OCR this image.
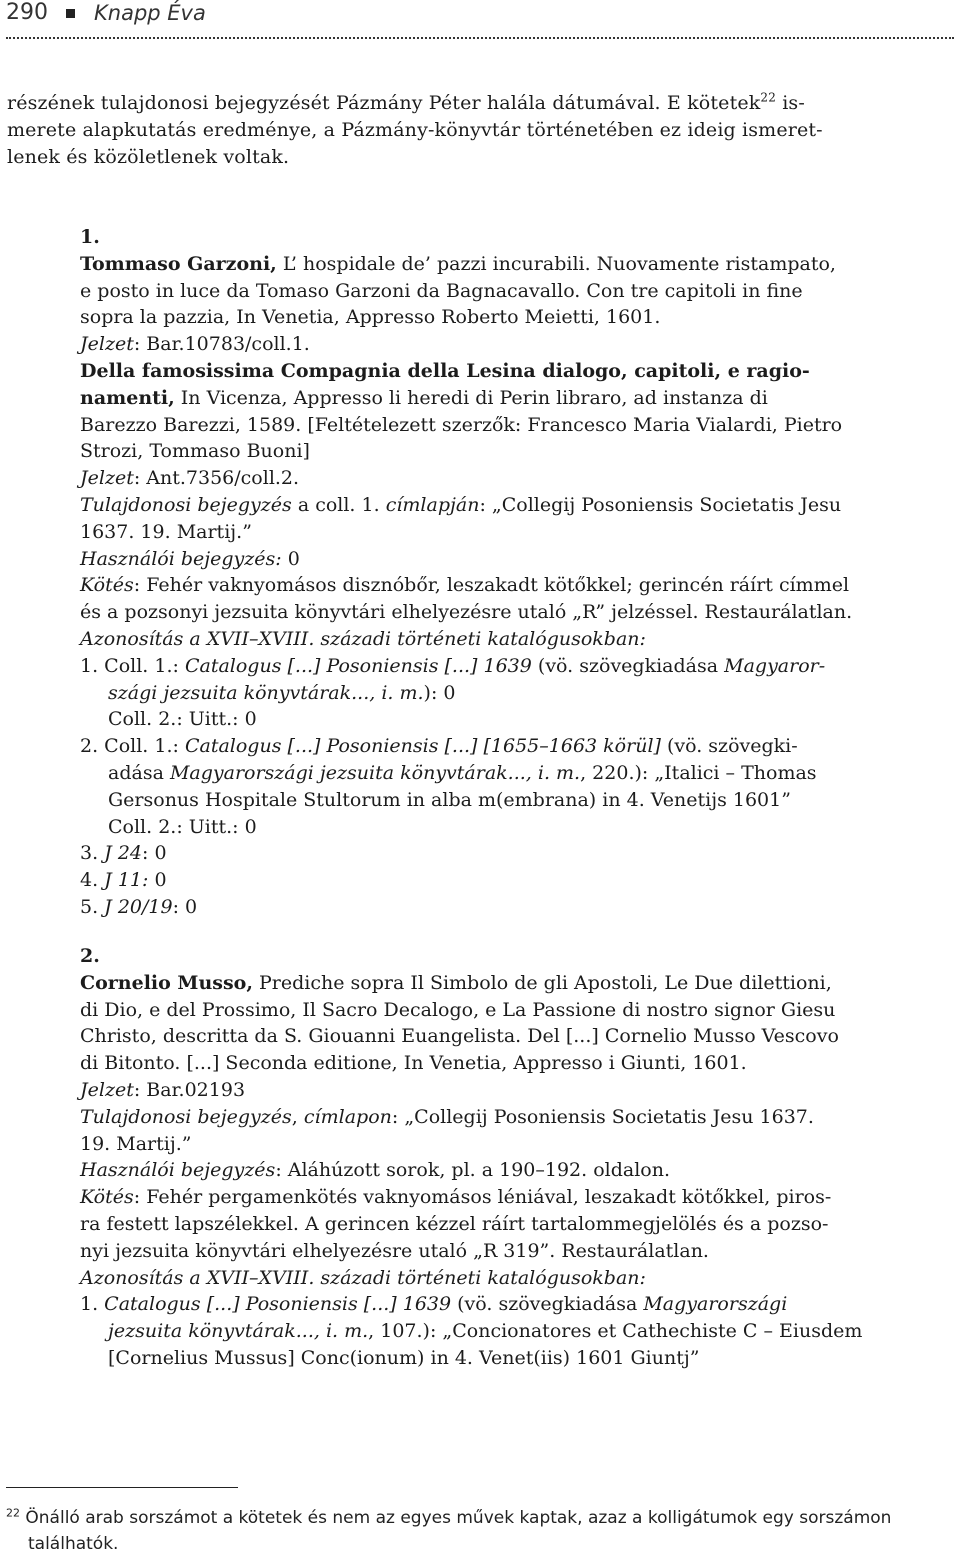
290 Knapp Éva
részének tulajdonosi bejegyzését Pázmány Péter halála dátumával. E kötetek$^{22}$ is-
merete alapkutatás eredménye, a Pázmány-könyvtár történetében ez ideig ismeret-
lenek és közöletlenek voltak.
1.
Tommaso Garzoni, L’ hospidale de’ pazzi incurabili. Nuovamente ristampato,
e posto in luce da Tomaso Garzoni da Bagnacavallo. Con tre capitoli in fine
sopra la pazzia, In Venetia, Appresso Roberto Meietti, 1601.
Jelzet: Bar.10783/coll.1.
Della famosissima Compagnia della Lesina dialogo, capitoli, e ragio-
namenti, In Vicenza, Appresso li heredi di Perin libraro, ad instanza di
Barezzo Barezzi, 1589. [Feltételezett szerzők: Francesco Maria Vialardi, Pietro
Strozi, Tommaso Buoni]
Jelzet: Ant.7356/coll.2.
Tulajdonosi bejegyzés a coll. 1. címlapján: „Collegij Posoniensis Societatis Jesu
1637. 19. Martij.”
Használói bejegyzés: 0
Kötés: Fehér vaknyomásos disznóbőr, leszakadt kötőkkel; gerincén ráírt címmel
és a pozsonyi jezsuita könyvtári elhelyezésre utaló „R” jelzéssel. Restaurálatlan.
Azonosítás a XVII–XVIII. századi történeti katalógusokban:
1. Coll. 1.: Catalogus [...] Posoniensis [...] 1639 (vö. szövegkiadása Magyaror-
szági jezsuita könyvtárak..., i. m.): 0
Coll. 2.: Uitt.: 0
2. Coll. 1.: Catalogus [...] Posoniensis [...] [1655–1663 körül] (vö. szövegki-
adása Magyarországi jezsuita könyvtárak..., i. m., 220.): „Italici – Thomas
Gersonus Hospitale Stultorum in alba m(embrana) in 4. Venetijs 1601”
Coll. 2.: Uitt.: 0
3. J 24: 0
4. J 11: 0
5. J 20/19: 0
2.
Cornelio Musso, Prediche sopra Il Simbolo de gli Apostoli, Le Due dilettioni,
di Dio, e del Prossimo, Il Sacro Decalogo, e La Passione di nostro signor Giesu
Christo, descritta da S. Giouanni Euangelista. Del [...] Cornelio Musso Vescovo
di Bitonto. [...] Seconda editione, In Venetia, Appresso i Giunti, 1601.
Jelzet: Bar.02193
Tulajdonosi bejegyzés, címlapon: „Collegij Posoniensis Societatis Jesu 1637.
19. Martij.”
Használói bejegyzés: Aláhúzott sorok, pl. a 190–192. oldalon.
Kötés: Fehér pergamenkötés vaknyomásos léniával, leszakadt kötőkkel, piros-
ra festett lapszélekkel. A gerincen kézzel ráírt tartalommegjelölés és a pozso-
nyi jezsuita könyvtári elhelyezésre utaló „R 319”. Restaurálatlan.
Azonosítás a XVII–XVIII. századi történeti katalógusokban:
1. Catalogus [...] Posoniensis [...] 1639 (vö. szövegkiadása Magyarországi
jezsuita könyvtárak..., i. m., 107.): „Concionatores et Cathechiste C – Eiusdem
[Cornelius Mussus] Conc(ionum) in 4. Venet(iis) 1601 Giuntj”
$^{22}$ Önálló arab sorszámot a kötetek és nem az egyes művek kaptak, azaz a kolligátumok egy sorszámon
találhatók.
